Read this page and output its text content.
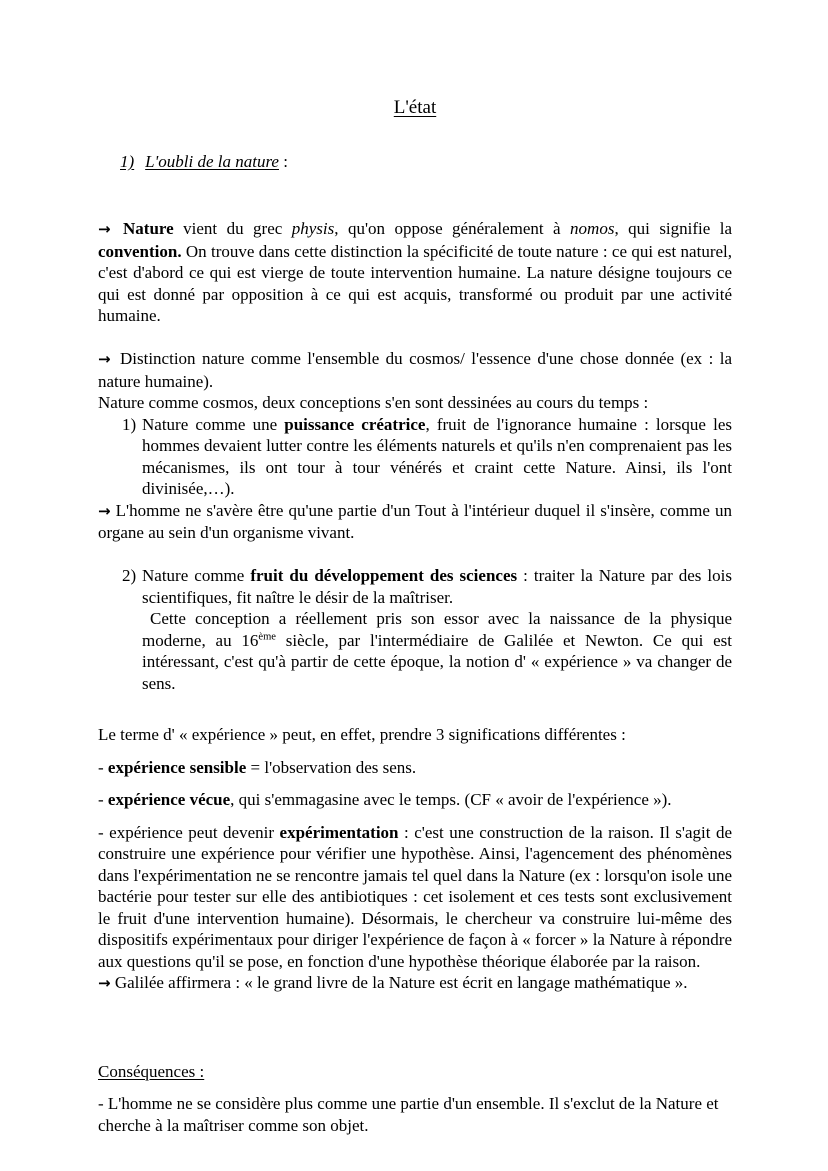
L'état
1) L'oubli de la nature :

→ Nature vient du grec physis, qu'on oppose généralement à nomos, qui signifie la convention. On trouve dans cette distinction la spécificité de toute nature : ce qui est naturel, c'est d'abord ce qui est vierge de toute intervention humaine. La nature désigne toujours ce qui est donné par opposition à ce qui est acquis, transformé ou produit par une activité humaine.

→ Distinction nature comme l'ensemble du cosmos/ l'essence d'une chose donnée (ex : la nature humaine).

Nature comme cosmos, deux conceptions s'en sont dessinées au cours du temps :

1) Nature comme une puissance créatrice, fruit de l'ignorance humaine : lorsque les hommes devaient lutter contre les éléments naturels et qu'ils n'en comprenaient pas les mécanismes, ils ont tour à tour vénérés et craint cette Nature. Ainsi, ils l'ont divinisée,…).

→ L'homme ne s'avère être qu'une partie d'un Tout à l'intérieur duquel il s'insère, comme un organe au sein d'un organisme vivant.

2) Nature comme fruit du développement des sciences : traiter la Nature par des lois scientifiques, fit naître le désir de la maîtriser.
Cette conception a réellement pris son essor avec la naissance de la physique moderne, au 16ème siècle, par l'intermédiaire de Galilée et Newton. Ce qui est intéressant, c'est qu'à partir de cette époque, la notion d' « expérience » va changer de sens.

Le terme d' « expérience » peut, en effet, prendre 3 significations différentes :

- expérience sensible = l'observation des sens.

- expérience vécue, qui s'emmagasine avec le temps. (CF « avoir de l'expérience »).

- expérience peut devenir expérimentation : c'est une construction de la raison. Il s'agit de construire une expérience pour vérifier une hypothèse. Ainsi, l'agencement des phénomènes dans l'expérimentation ne se rencontre jamais tel quel dans la Nature (ex : lorsqu'on isole une bactérie pour tester sur elle des antibiotiques : cet isolement et ces tests sont exclusivement le fruit d'une intervention humaine). Désormais, le chercheur va construire lui-même des dispositifs expérimentaux pour diriger l'expérience de façon à « forcer » la Nature à répondre aux questions qu'il se pose, en fonction d'une hypothèse théorique élaborée par la raison.

→ Galilée affirmera : « le grand livre de la Nature est écrit en langage mathématique ».

Conséquences :

- L'homme ne se considère plus comme une partie d'un ensemble. Il s'exclut de la Nature et cherche à la maîtriser comme son objet.
